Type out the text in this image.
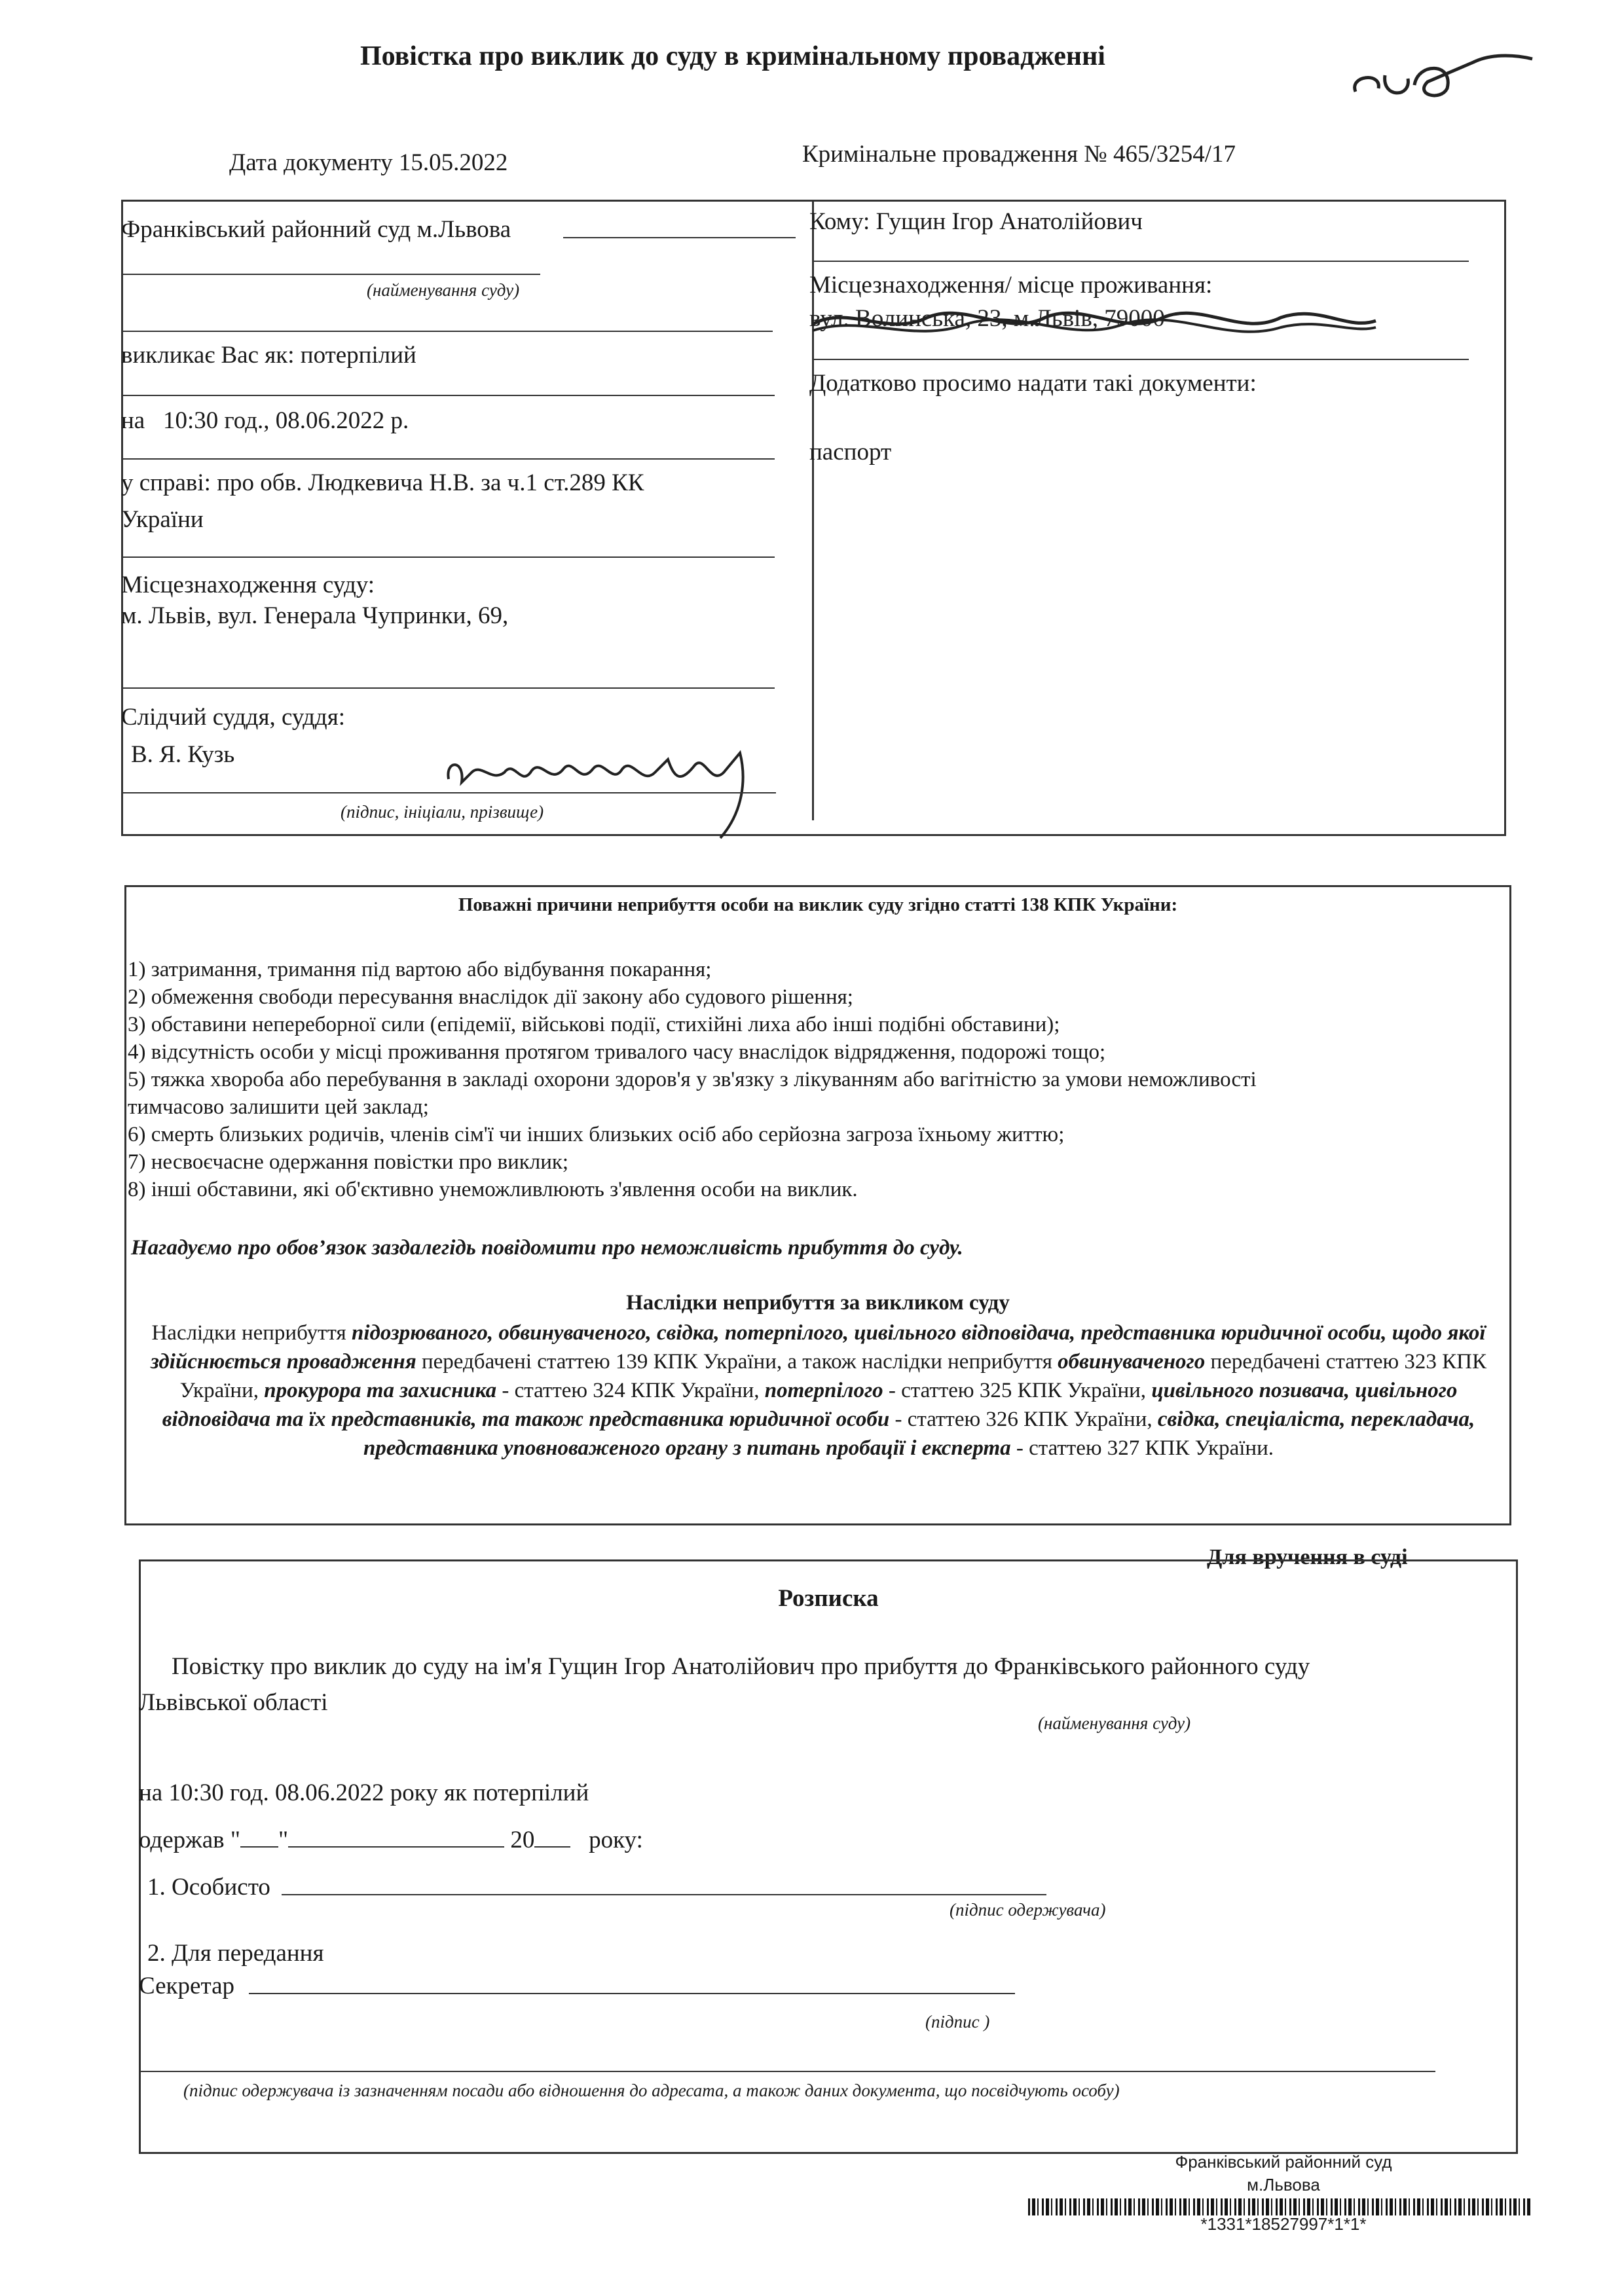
Повістка про виклик до суду в кримінальному провадженні
Дата документу 15.05.2022	Кримінальне провадження № 465/3254/17
Франківський районний суд м.Львова
(найменування суду)
викликає Вас як: потерпілий
на 10:30 год., 08.06.2022 р.
у справі: про обв. Людкевича Н.В. за ч.1 ст.289 КК
України
Місцезнаходження суду:
м. Львів, вул. Генерала Чупринки, 69,
Слідчий суддя, суддя:
В. Я. Кузь
(підпис, ініціали, прізвище)
Кому: Гущин Ігор Анатолійович
Місцезнаходження/ місце проживання:
вул. Волинська, 23, м.Львів, 79000
Додатково просимо надати такі документи:
паспорт
Поважні причини неприбуття особи на виклик суду згідно статті 138 КПК України:
1) затримання, тримання під вартою або відбування покарання;
2) обмеження свободи пересування внаслідок дії закону або судового рішення;
3) обставини непереборної сили (епідемії, військові події, стихійні лиха або інші подібні обставини);
4) відсутність особи у місці проживання протягом тривалого часу внаслідок відрядження, подорожі тощо;
5) тяжка хвороба або перебування в закладі охорони здоров'я у зв'язку з лікуванням або вагітністю за умови неможливості
тимчасово залишити цей заклад;
6) смерть близьких родичів, членів сім'ї чи інших близьких осіб або серйозна загроза їхньому життю;
7) несвоєчасне одержання повістки про виклик;
8) інші обставини, які об'єктивно унеможливлюють з'явлення особи на виклик.
Нагадуємо про обов’язок заздалегідь повідомити про неможливість прибуття до суду.
Наслідки неприбуття за викликом суду
Наслідки неприбуття підозрюваного, обвинуваченого, свідка, потерпілого, цивільного відповідача, представника юридичної особи, щодо якої здійснюється провадження передбачені статтею 139 КПК України, а також наслідки неприбуття обвинуваченого передбачені статтею 323 КПК України, прокурора та захисника - статтею 324 КПК України, потерпілого - статтею 325 КПК України, цивільного позивача, цивільного відповідача та їх представників, та також представника юридичної особи - статтею 326 КПК України, свідка, спеціаліста, перекладача, представника уповноваженого органу з питань пробації і експерта - статтею 327 КПК України.
Для вручення в суді
Розписка
Повістку про виклик до суду на ім'я Гущин Ігор Анатолійович про прибуття до Франківського районного суду
Львівської області
(найменування суду)
на 10:30 год. 08.06.2022 року як потерпілий
одержав " "	20 року:
1. Особисто
(підпис одержувача)
2. Для передання
Секретар
(підпис )
(підпис одержувача із зазначенням посади або відношення до адресата, а також даних документа, що посвідчують особу)
Франківський районний суд
м.Львова
*1331*18527997*1*1*
